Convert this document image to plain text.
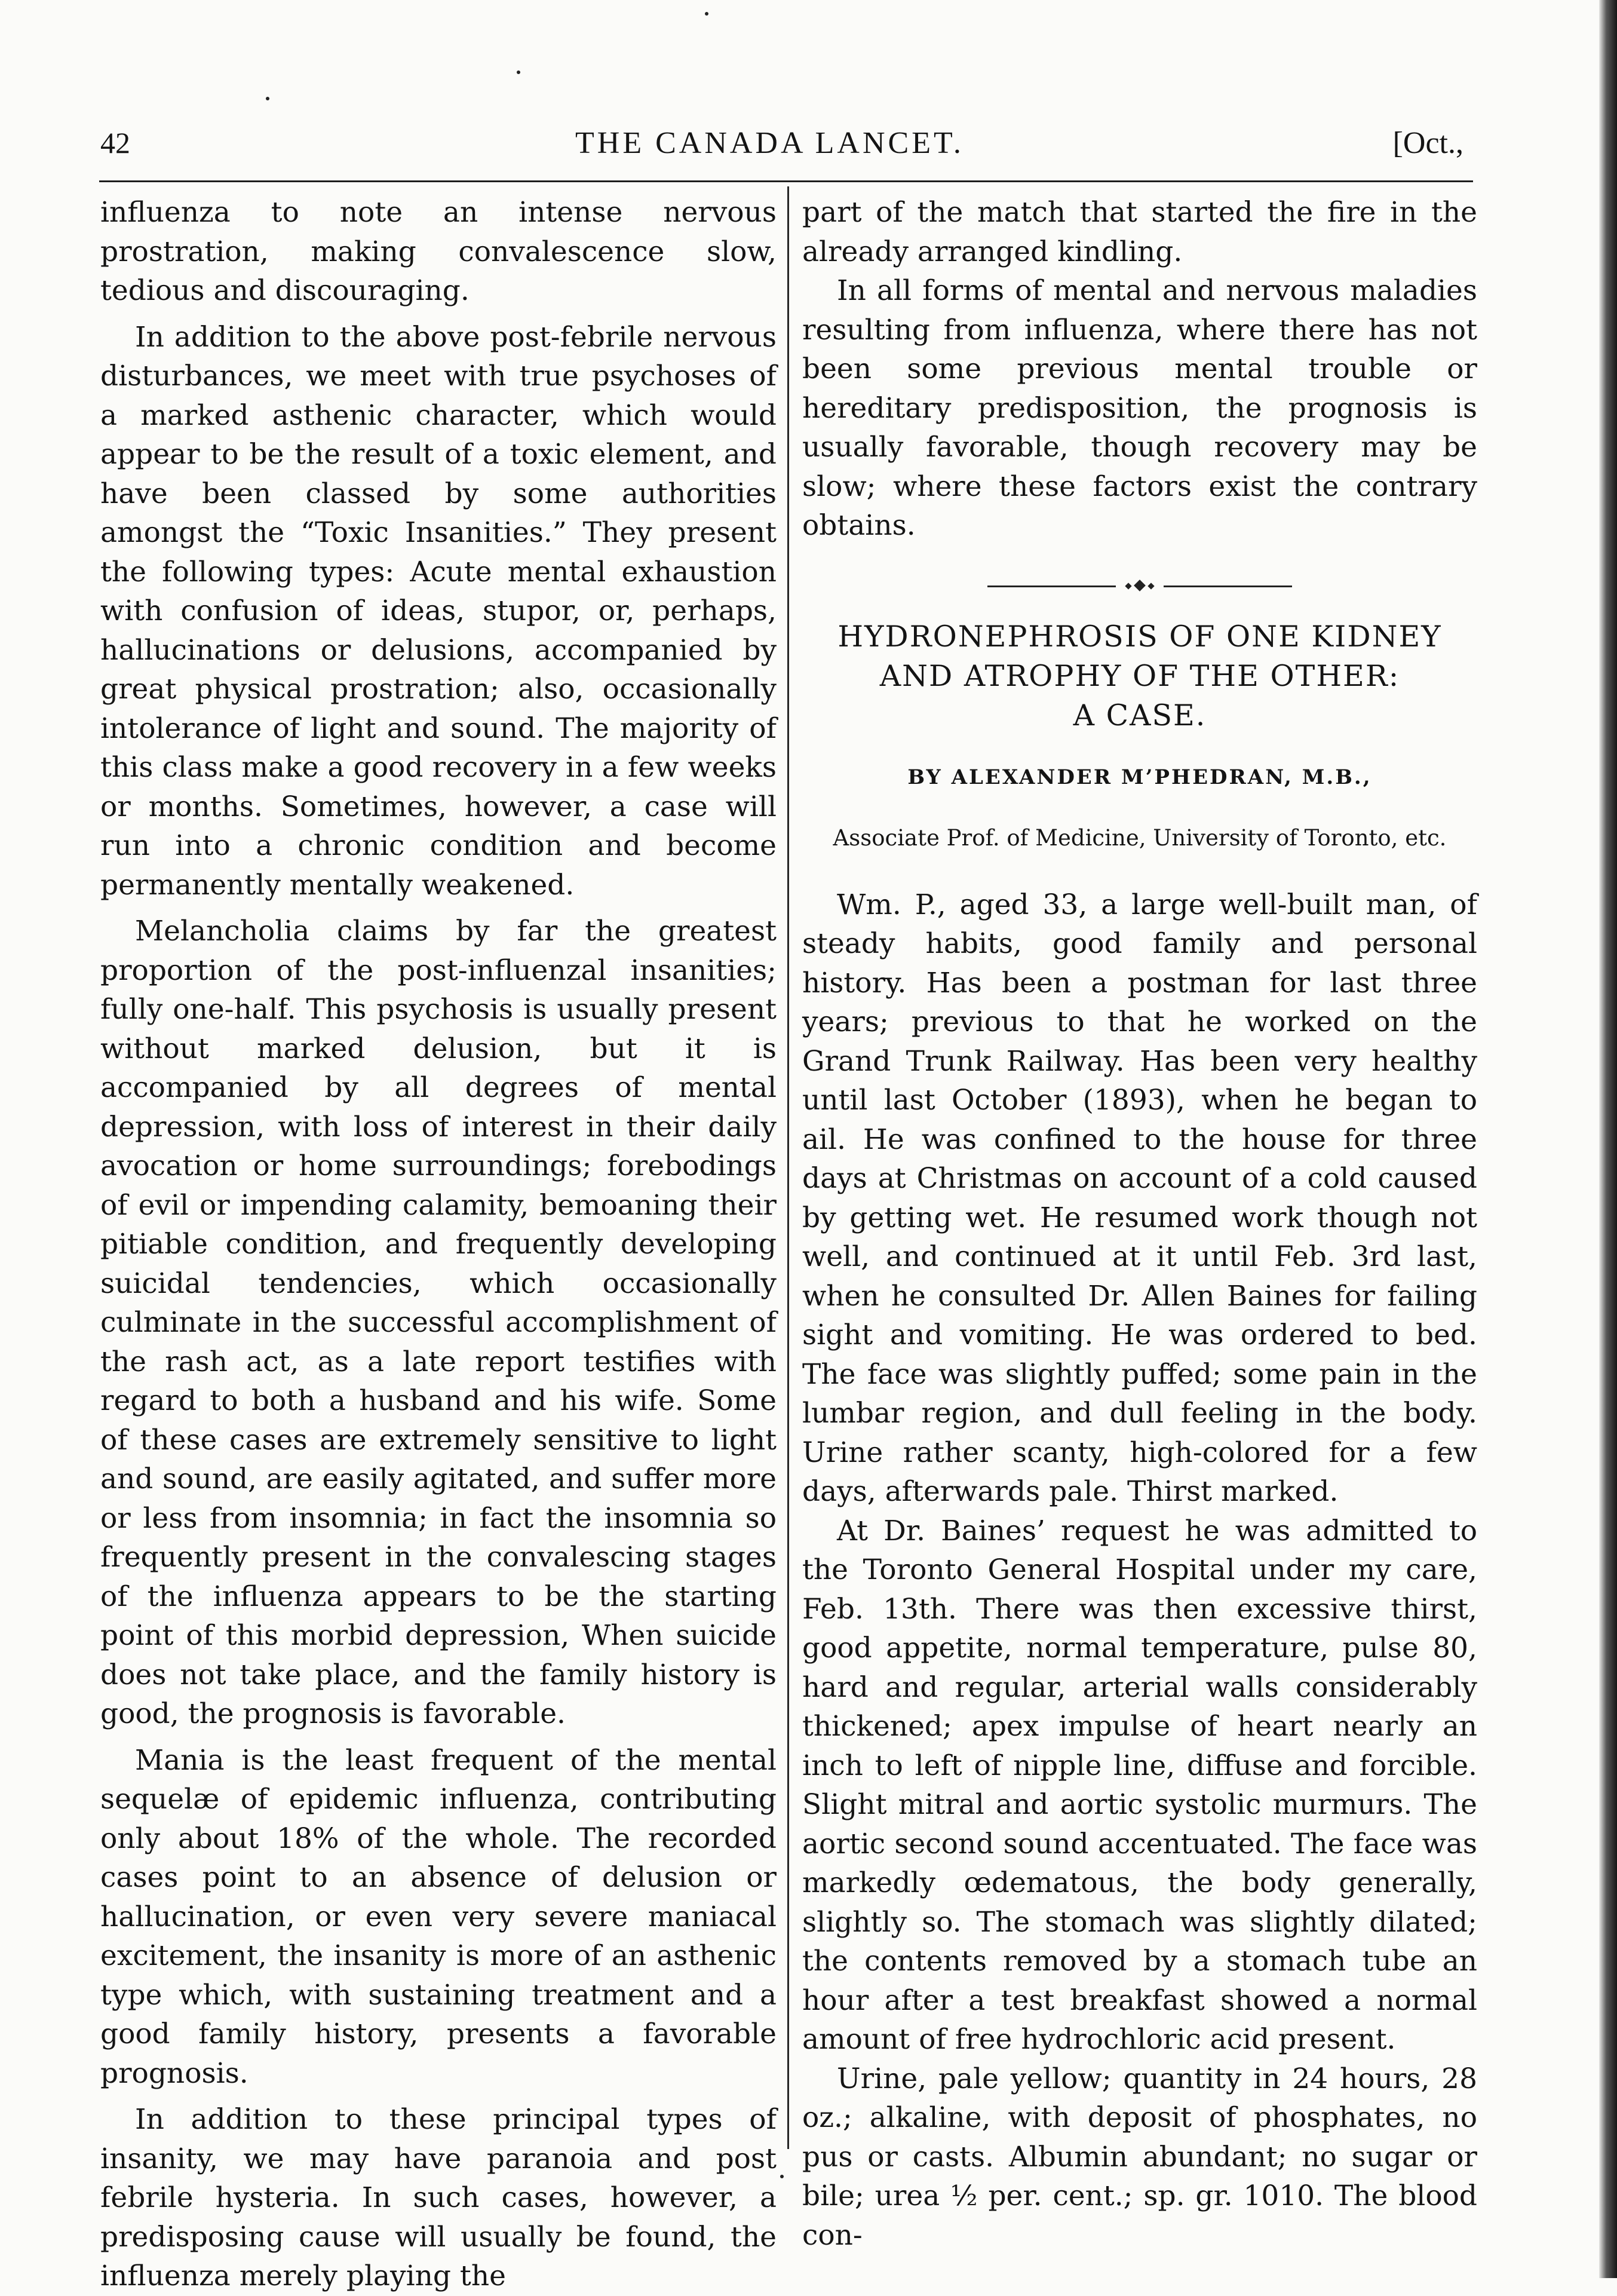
42	THE CANADA LANCET.	[Oct.,

influenza to note an intense nervous prostration, making convalescence slow, tedious and discouraging.

In addition to the above post-febrile nervous disturbances, we meet with true psychoses of a marked asthenic character, which would appear to be the result of a toxic element, and have been classed by some authorities amongst the “Toxic Insanities.” They present the following types: Acute mental exhaustion with confusion of ideas, stupor, or, perhaps, hallucinations or delusions, accompanied by great physical prostration; also, occasionally intolerance of light and sound. The majority of this class make a good recovery in a few weeks or months. Sometimes, however, a case will run into a chronic condition and become permanently mentally weakened.

Melancholia claims by far the greatest proportion of the post-influenzal insanities; fully one-half. This psychosis is usually present without marked delusion, but it is accompanied by all degrees of mental depression, with loss of interest in their daily avocation or home surroundings; forebodings of evil or impending calamity, bemoaning their pitiable condition, and frequently developing suicidal tendencies, which occasionally culminate in the successful accomplishment of the rash act, as a late report testifies with regard to both a husband and his wife. Some of these cases are extremely sensitive to light and sound, are easily agitated, and suffer more or less from insomnia; in fact the insomnia so frequently present in the convalescing stages of the influenza appears to be the starting point of this morbid depression, When suicide does not take place, and the family history is good, the prognosis is favorable.

Mania is the least frequent of the mental sequelæ of epidemic influenza, contributing only about 18% of the whole. The recorded cases point to an absence of delusion or hallucination, or even very severe maniacal excitement, the insanity is more of an asthenic type which, with sustaining treatment and a good family history, presents a favorable prognosis.

In addition to these principal types of insanity, we may have paranoia and post febrile hysteria. In such cases, however, a predisposing cause will usually be found, the influenza merely playing the

part of the match that started the fire in the already arranged kindling.

In all forms of mental and nervous maladies resulting from influenza, where there has not been some previous mental trouble or hereditary predisposition, the prognosis is usually favorable, though recovery may be slow; where these factors exist the contrary obtains.

HYDRONEPHROSIS OF ONE KIDNEY
AND ATROPHY OF THE OTHER:
A CASE.

BY ALEXANDER M’PHEDRAN, M.B.,

Associate Prof. of Medicine, University of Toronto, etc.

Wm. P., aged 33, a large well-built man, of steady habits, good family and personal history. Has been a postman for last three years; previous to that he worked on the Grand Trunk Railway. Has been very healthy until last October (1893), when he began to ail. He was confined to the house for three days at Christmas on account of a cold caused by getting wet. He resumed work though not well, and continued at it until Feb. 3rd last, when he consulted Dr. Allen Baines for failing sight and vomiting. He was ordered to bed. The face was slightly puffed; some pain in the lumbar region, and dull feeling in the body. Urine rather scanty, high-colored for a few days, afterwards pale. Thirst marked.

At Dr. Baines’ request he was admitted to the Toronto General Hospital under my care, Feb. 13th. There was then excessive thirst, good appetite, normal temperature, pulse 80, hard and regular, arterial walls considerably thickened; apex impulse of heart nearly an inch to left of nipple line, diffuse and forcible. Slight mitral and aortic systolic murmurs. The aortic second sound accentuated. The face was markedly œdematous, the body generally, slightly so. The stomach was slightly dilated; the contents removed by a stomach tube an hour after a test breakfast showed a normal amount of free hydrochloric acid present.

Urine, pale yellow; quantity in 24 hours, 28 oz.; alkaline, with deposit of phosphates, no pus or casts. Albumin abundant; no sugar or bile; urea ½ per. cent.; sp. gr. 1010. The blood con-
